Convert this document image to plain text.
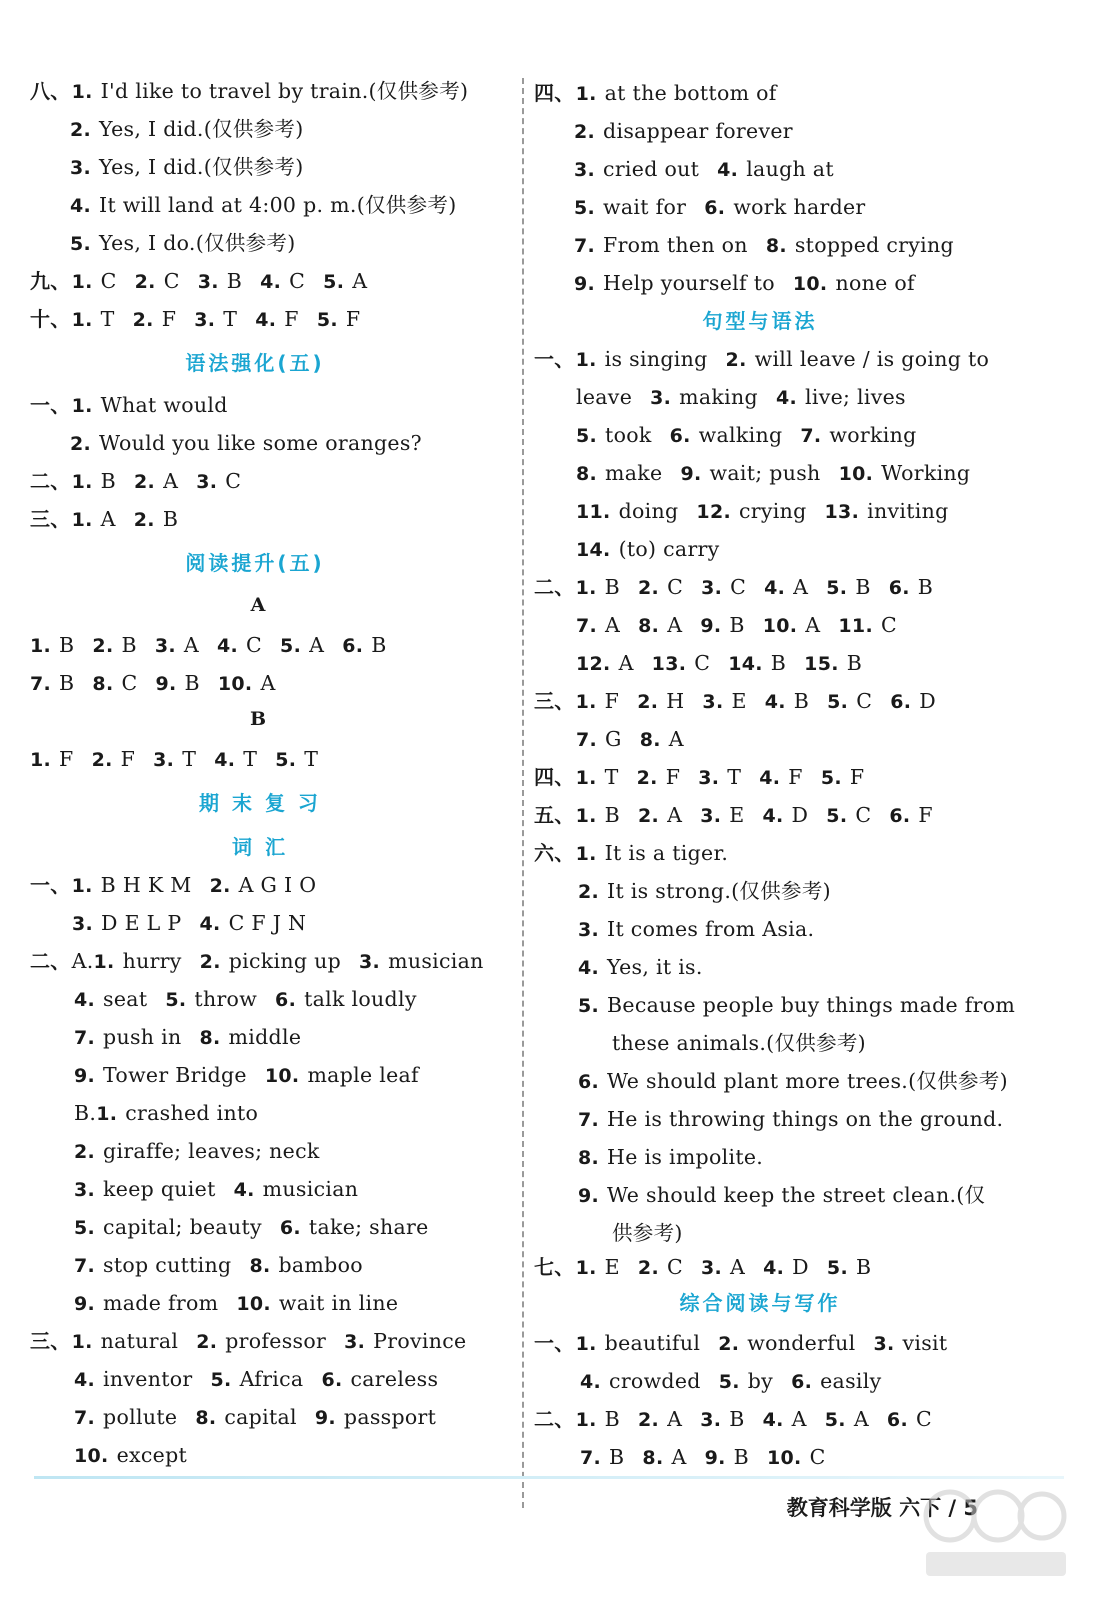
八、1. I'd like to travel by train.(仅供参考)
2. Yes, I did.(仅供参考)
3. Yes, I did.(仅供参考)
4. It will land at 4:00 p. m.(仅供参考)
5. Yes, I do.(仅供参考)
九、1. C 2. C 3. B 4. C 5. A
十、1. T 2. F 3. T 4. F 5. F
语法强化(五)
一、1. What would
2. Would you like some oranges?
二、1. B 2. A 3. C
三、1. A 2. B
阅读提升(五)
A
1. B 2. B 3. A 4. C 5. A 6. B
7. B 8. C 9. B 10. A
B
1. F 2. F 3. T 4. T 5. T
期 末 复 习
词 汇
一、1. B H K M 2. A G I O
3. D E L P 4. C F J N
二、A.1. hurry 2. picking up 3. musician
4. seat 5. throw 6. talk loudly
7. push in 8. middle
9. Tower Bridge 10. maple leaf
B.1. crashed into
2. giraffe; leaves; neck
3. keep quiet 4. musician
5. capital; beauty 6. take; share
7. stop cutting 8. bamboo
9. made from 10. wait in line
三、1. natural 2. professor 3. Province
4. inventor 5. Africa 6. careless
7. pollute 8. capital 9. passport
10. except
四、1. at the bottom of
2. disappear forever
3. cried out 4. laugh at
5. wait for 6. work harder
7. From then on 8. stopped crying
9. Help yourself to 10. none of
句型与语法
一、1. is singing 2. will leave / is going to
leave 3. making 4. live; lives
5. took 6. walking 7. working
8. make 9. wait; push 10. Working
11. doing 12. crying 13. inviting
14. (to) carry
二、1. B 2. C 3. C 4. A 5. B 6. B
7. A 8. A 9. B 10. A 11. C
12. A 13. C 14. B 15. B
三、1. F 2. H 3. E 4. B 5. C 6. D
7. G 8. A
四、1. T 2. F 3. T 4. F 5. F
五、1. B 2. A 3. E 4. D 5. C 6. F
六、1. It is a tiger.
2. It is strong.(仅供参考)
3. It comes from Asia.
4. Yes, it is.
5. Because people buy things made from
these animals.(仅供参考)
6. We should plant more trees.(仅供参考)
7. He is throwing things on the ground.
8. He is impolite.
9. We should keep the street clean.(仅
供参考)
七、1. E 2. C 3. A 4. D 5. B
综合阅读与写作
一、1. beautiful 2. wonderful 3. visit
4. crowded 5. by 6. easily
二、1. B 2. A 3. B 4. A 5. A 6. C
7. B 8. A 9. B 10. C
教育科学版 六下 / 5
